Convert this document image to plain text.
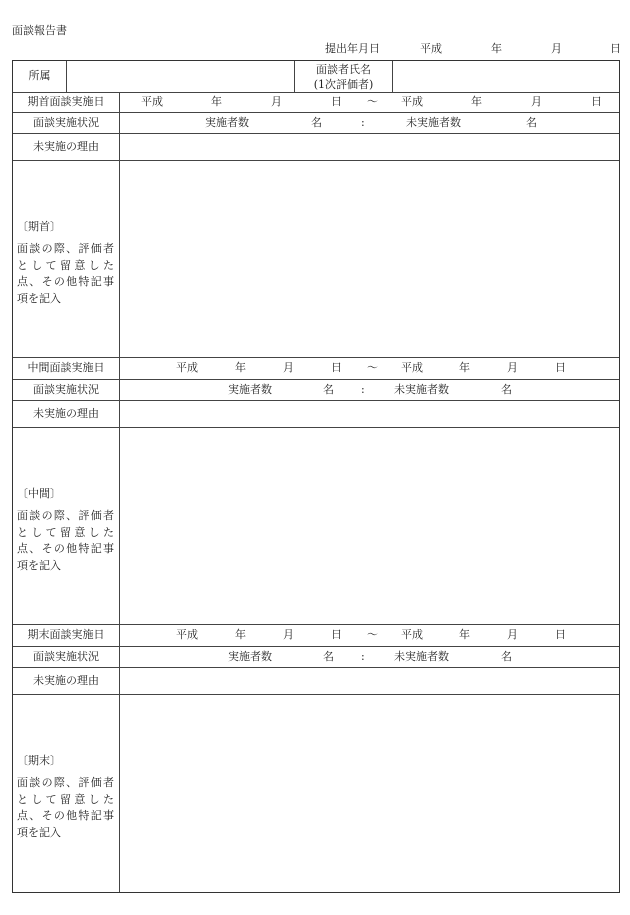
面談報告書
提出年月日	平成	年	月	日
所属	面談者氏名
(1次評価者)
期首面談実施日	平成	年	月	日 〜 平成	年	月	日
面談実施状況	実施者数	名	:	未実施者数	名
未実施の理由
〔期首〕
面談の際、評価者として留意した点、その他特記事項を記入
中間面談実施日	平成	年	月	日 〜 平成	年	月	日
面談実施状況	実施者数	名 :	未実施者数	名
未実施の理由
〔中間〕
面談の際、評価者として留意した点、その他特記事項を記入
期末面談実施日	平成	年	月	日 〜 平成	年	月	日
面談実施状況	実施者数	名 :	未実施者数	名
未実施の理由
〔期末〕
面談の際、評価者として留意した点、その他特記事項を記入
